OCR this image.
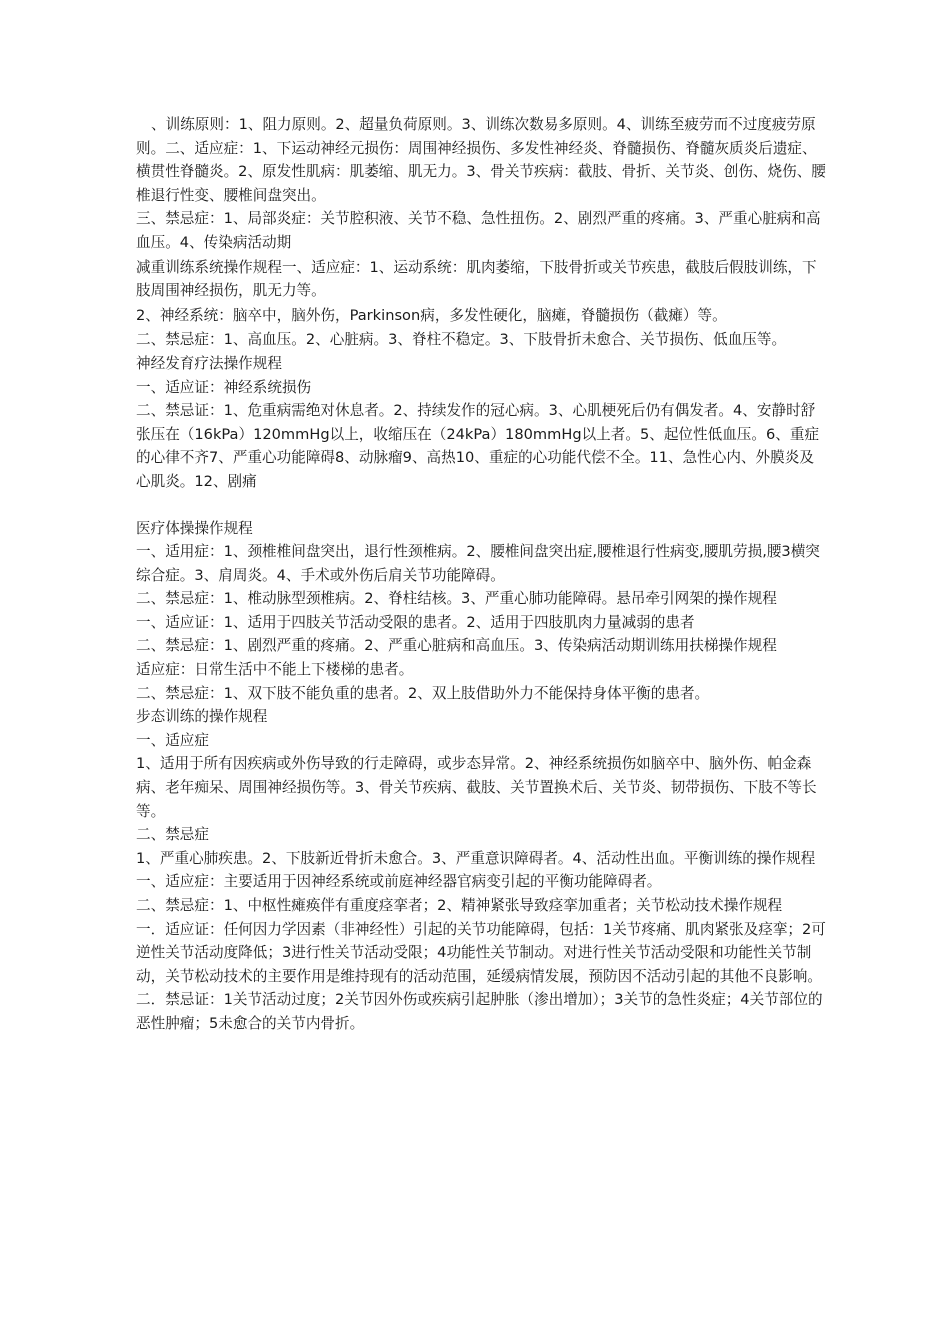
、训练原则：1、阻力原则。2、超量负荷原则。3、训练次数易多原则。4、训练至疲劳而不过度疲劳原则。二、适应症：1、下运动神经元损伤：周围神经损伤、多发性神经炎、脊髓损伤、脊髓灰质炎后遗症、横贯性脊髓炎。2、原发性肌病：肌萎缩、肌无力。3、骨关节疾病：截肢、骨折、关节炎、创伤、烧伤、腰椎退行性变、腰椎间盘突出。

三、禁忌症：1、局部炎症：关节腔积液、关节不稳、急性扭伤。2、剧烈严重的疼痛。3、严重心脏病和高血压。4、传染病活动期

减重训练系统操作规程一、适应症：1、运动系统：肌肉萎缩，下肢骨折或关节疾患，截肢后假肢训练，下肢周围神经损伤，肌无力等。

2、神经系统：脑卒中，脑外伤，Parkinson病，多发性硬化，脑瘫，脊髓损伤（截瘫）等。

二、禁忌症：1、高血压。2、心脏病。3、脊柱不稳定。3、下肢骨折未愈合、关节损伤、低血压等。

神经发育疗法操作规程

一、适应证：神经系统损伤

二、禁忌证：1、危重病需绝对休息者。2、持续发作的冠心病。3、心肌梗死后仍有偶发者。4、安静时舒张压在（16kPa）120mmHg以上，收缩压在（24kPa）180mmHg以上者。5、起位性低血压。6、重症的心律不齐7、严重心功能障碍8、动脉瘤9、高热10、重症的心功能代偿不全。11、急性心内、外膜炎及心肌炎。12、剧痛

医疗体操操作规程

一、适用症：1、颈椎椎间盘突出，退行性颈椎病。2、腰椎间盘突出症,腰椎退行性病变,腰肌劳损,腰3横突综合症。3、肩周炎。4、手术或外伤后肩关节功能障碍。

二、禁忌症：1、椎动脉型颈椎病。2、脊柱结核。3、严重心肺功能障碍。悬吊牵引网架的操作规程

一、适应证：1、适用于四肢关节活动受限的患者。2、适用于四肢肌肉力量减弱的患者

二、禁忌症：1、剧烈严重的疼痛。2、严重心脏病和高血压。3、传染病活动期训练用扶梯操作规程

适应症：日常生活中不能上下楼梯的患者。

二、禁忌症：1、双下肢不能负重的患者。2、双上肢借助外力不能保持身体平衡的患者。

步态训练的操作规程

一、适应症

1、适用于所有因疾病或外伤导致的行走障碍，或步态异常。2、神经系统损伤如脑卒中、脑外伤、帕金森病、老年痴呆、周围神经损伤等。3、骨关节疾病、截肢、关节置换术后、关节炎、韧带损伤、下肢不等长等。

二、禁忌症

1、严重心肺疾患。2、下肢新近骨折未愈合。3、严重意识障碍者。4、活动性出血。平衡训练的操作规程

一、适应症：主要适用于因神经系统或前庭神经器官病变引起的平衡功能障碍者。

二、禁忌症：1、中枢性瘫痪伴有重度痉挛者；2、精神紧张导致痉挛加重者；关节松动技术操作规程

一．适应证：任何因力学因素（非神经性）引起的关节功能障碍，包括：1关节疼痛、肌肉紧张及痉挛；2可逆性关节活动度降低；3进行性关节活动受限；4功能性关节制动。对进行性关节活动受限和功能性关节制动，关节松动技术的主要作用是维持现有的活动范围，延缓病情发展，预防因不活动引起的其他不良影响。

二．禁忌证：1关节活动过度；2关节因外伤或疾病引起肿胀（渗出增加）；3关节的急性炎症；4关节部位的恶性肿瘤；5未愈合的关节内骨折。
